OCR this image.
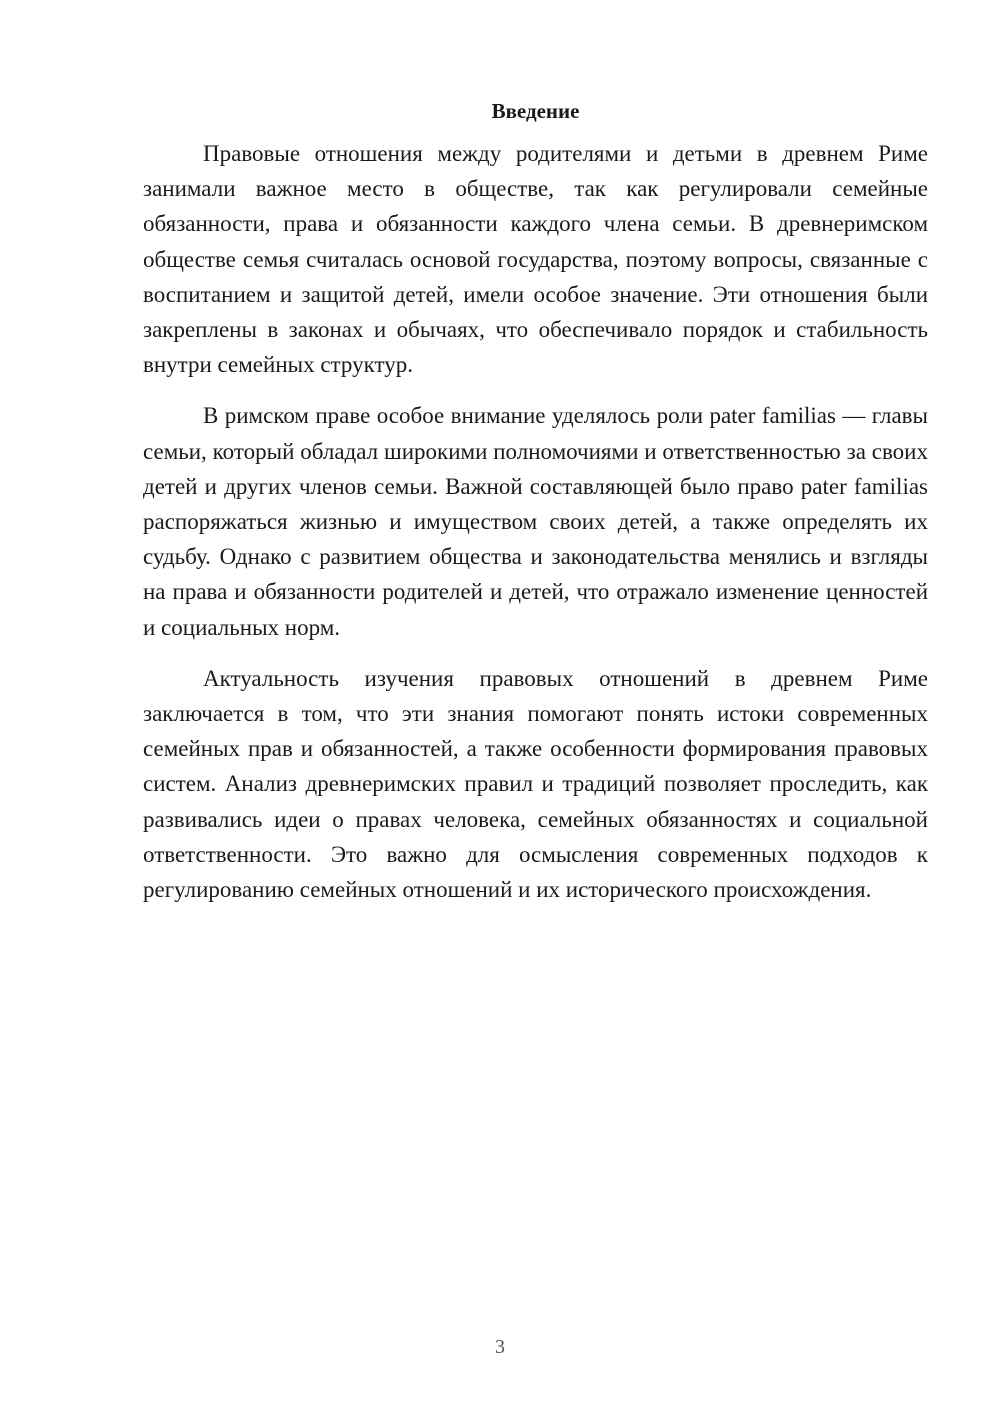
Введение

Правовые отношения между родителями и детьми в древнем Риме занимали важное место в обществе, так как регулировали семейные обязанности, права и обязанности каждого члена семьи. В древнеримском обществе семья считалась основой государства, поэтому вопросы, связанные с воспитанием и защитой детей, имели особое значение. Эти отношения были закреплены в законах и обычаях, что обеспечивало порядок и стабильность внутри семейных структур.

В римском праве особое внимание уделялось роли pater familias — главы семьи, который обладал широкими полномочиями и ответственностью за своих детей и других членов семьи. Важной составляющей было право pater familias распоряжаться жизнью и имуществом своих детей, а также определять их судьбу. Однако с развитием общества и законодательства менялись и взгляды на права и обязанности родителей и детей, что отражало изменение ценностей и социальных норм.

Актуальность изучения правовых отношений в древнем Риме заключается в том, что эти знания помогают понять истоки современных семейных прав и обязанностей, а также особенности формирования правовых систем. Анализ древнеримских правил и традиций позволяет проследить, как развивались идеи о правах человека, семейных обязанностях и социальной ответственности. Это важно для осмысления современных подходов к регулированию семейных отношений и их исторического происхождения.

3
